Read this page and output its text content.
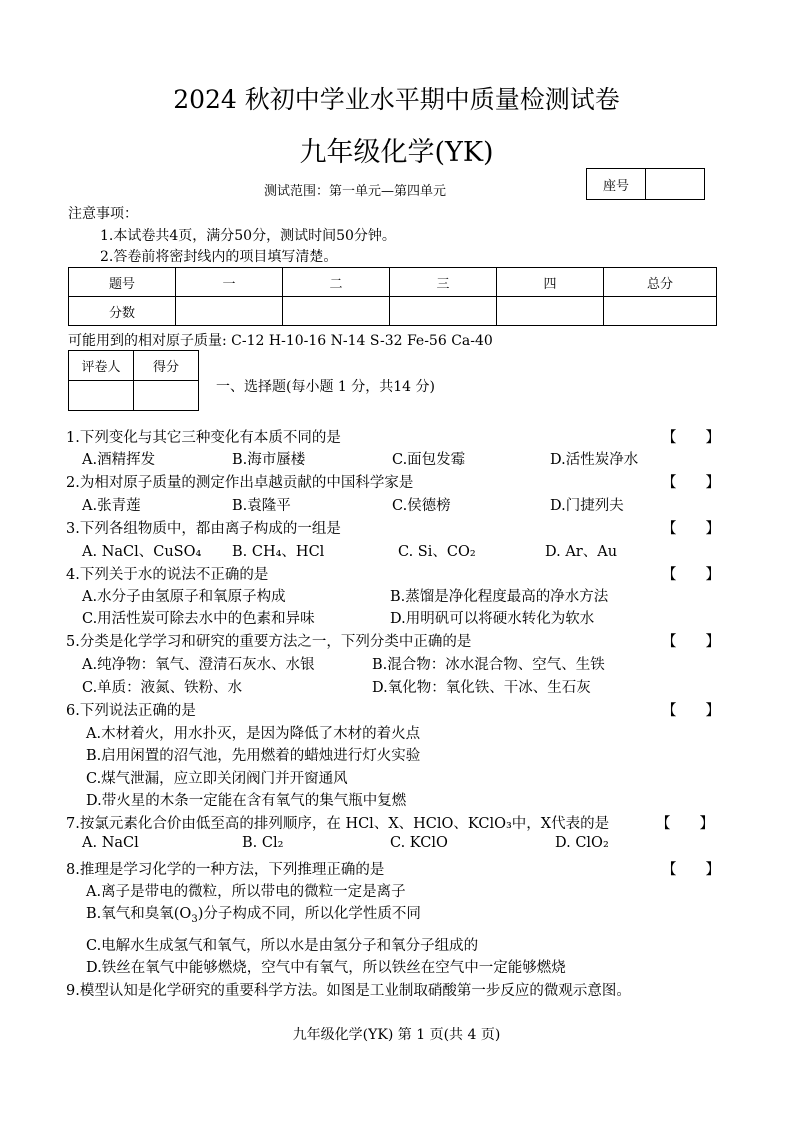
2024 秋初中学业水平期中质量检测试卷
九年级化学(YK)
测试范围：第一单元—第四单元	座号	
注意事项：
1.本试卷共4页，满分50分，测试时间50分钟。
2.答卷前将密封线内的项目填写清楚。
题号	一	二	三	四	总分
分数					
可能用到的相对原子质量: C-12 H-10-16 N-14 S-32 Fe-56 Ca-40
评卷人	得分

一、选择题(每小题 1 分，共14 分)
1.下列变化与其它三种变化有本质不同的是	【　　】
A.酒精挥发	B.海市蜃楼	C.面包发霉	D.活性炭净水
2.为相对原子质量的测定作出卓越贡献的中国科学家是	【　　】
A.张青莲	B.袁隆平	C.侯德榜	D.门捷列夫
3.下列各组物质中，都由离子构成的一组是	【　　】
A. NaCl、CuSO₄ B. CH₄、HCl	C. Si、CO₂	D. Ar、Au
4.下列关于水的说法不正确的是	【　　】
A.水分子由氢原子和氧原子构成	B.蒸馏是净化程度最高的净水方法
C.用活性炭可除去水中的色素和异味	D.用明矾可以将硬水转化为软水
5.分类是化学学习和研究的重要方法之一，下列分类中正确的是	【　　】
A.纯净物：氧气、澄清石灰水、水银	B.混合物：冰水混合物、空气、生铁
C.单质：液氮、铁粉、水	D.氧化物：氧化铁、干冰、生石灰
6.下列说法正确的是	【　　】
A.木材着火，用水扑灭，是因为降低了木材的着火点
B.启用闲置的沼气池，先用燃着的蜡烛进行灯火实验
C.煤气泄漏，应立即关闭阀门并开窗通风
D.带火星的木条一定能在含有氧气的集气瓶中复燃
7.按氯元素化合价由低至高的排列顺序，在 HCl、X、HClO、KClO₃中，X代表的是	【　　】
A. NaCl	B. Cl₂	C. KClO	D. ClO₂
8.推理是学习化学的一种方法，下列推理正确的是	【　　】
A.离子是带电的微粒，所以带电的微粒一定是离子
B.氧气和臭氧$(O_3)$分子构成不同，所以化学性质不同
C.电解水生成氢气和氧气，所以水是由氢分子和氧分子组成的
D.铁丝在氧气中能够燃烧，空气中有氧气，所以铁丝在空气中一定能够燃烧
9.模型认知是化学研究的重要科学方法。如图是工业制取硝酸第一步反应的微观示意图。
九年级化学(YK) 第 1 页(共 4 页)
